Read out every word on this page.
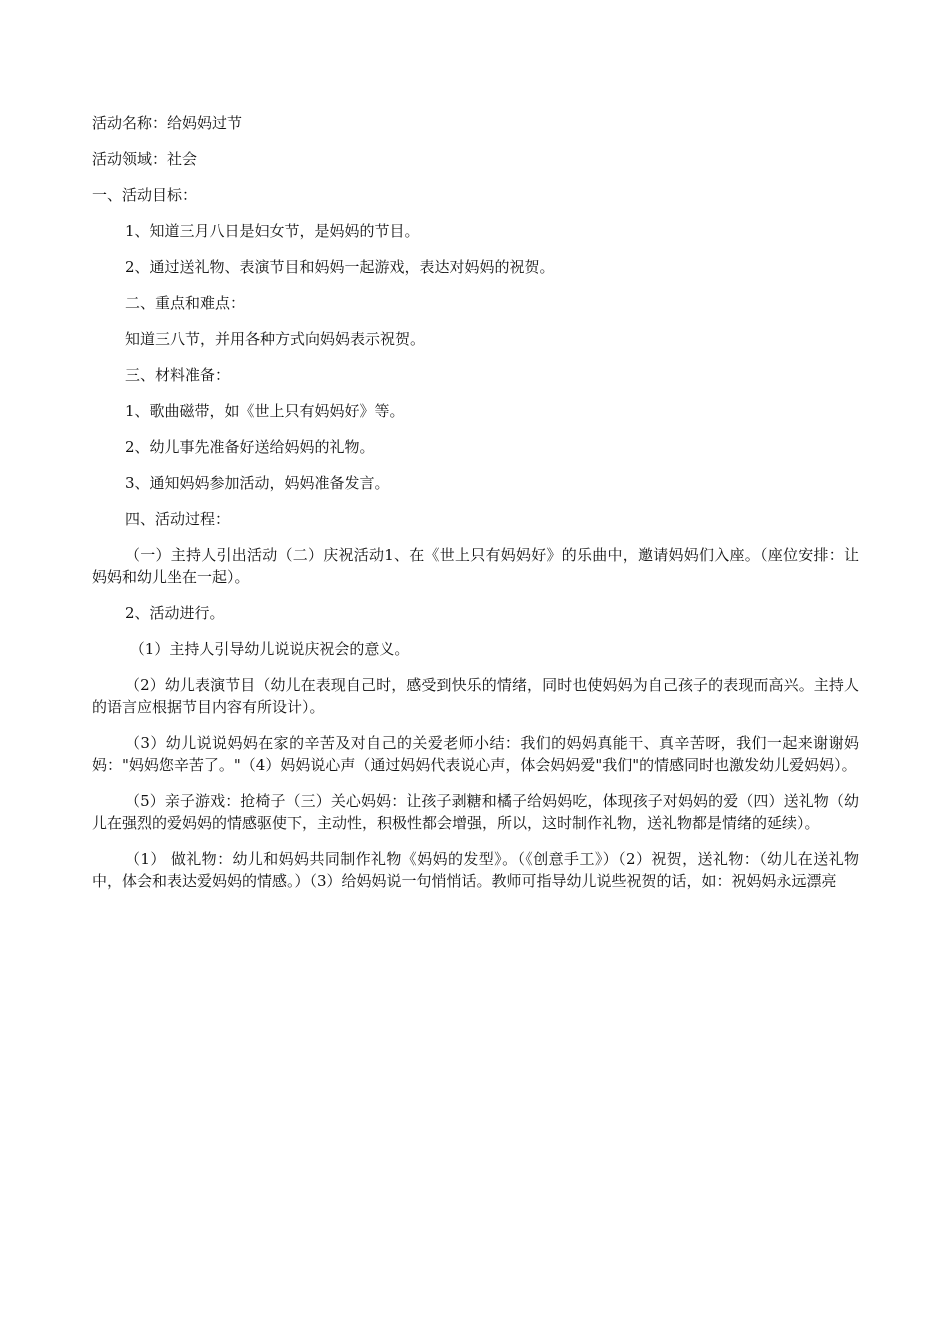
活动名称：给妈妈过节

活动领域：社会

一、活动目标：

1、知道三月八日是妇女节，是妈妈的节目。

2、通过送礼物、表演节目和妈妈一起游戏，表达对妈妈的祝贺。

二、重点和难点：

知道三八节，并用各种方式向妈妈表示祝贺。

三、材料准备：

1、歌曲磁带，如《世上只有妈妈好》等。

2、幼儿事先准备好送给妈妈的礼物。

3、通知妈妈参加活动，妈妈准备发言。

四、活动过程：

（一）主持人引出活动（二）庆祝活动1、在《世上只有妈妈好》的乐曲中，邀请妈妈们入座。（座位安排：让妈妈和幼儿坐在一起）。

2、活动进行。

（1）主持人引导幼儿说说庆祝会的意义。

（2）幼儿表演节目（幼儿在表现自己时，感受到快乐的情绪，同时也使妈妈为自己孩子的表现而高兴。主持人的语言应根据节目内容有所设计）。

（3）幼儿说说妈妈在家的辛苦及对自己的关爱老师小结：我们的妈妈真能干、真辛苦呀，我们一起来谢谢妈妈："妈妈您辛苦了。"（4）妈妈说心声（通过妈妈代表说心声，体会妈妈爱"我们"的情感同时也激发幼儿爱妈妈）。

（5）亲子游戏：抢椅子（三）关心妈妈：让孩子剥糖和橘子给妈妈吃，体现孩子对妈妈的爱（四）送礼物（幼儿在强烈的爱妈妈的情感驱使下，主动性，积极性都会增强，所以，这时制作礼物，送礼物都是情绪的延续）。

（1） 做礼物：幼儿和妈妈共同制作礼物《妈妈的发型》。（《创意手工》）（2）祝贺，送礼物：（幼儿在送礼物中，体会和表达爱妈妈的情感。）（3）给妈妈说一句悄悄话。教师可指导幼儿说些祝贺的话，如：祝妈妈永远漂亮
